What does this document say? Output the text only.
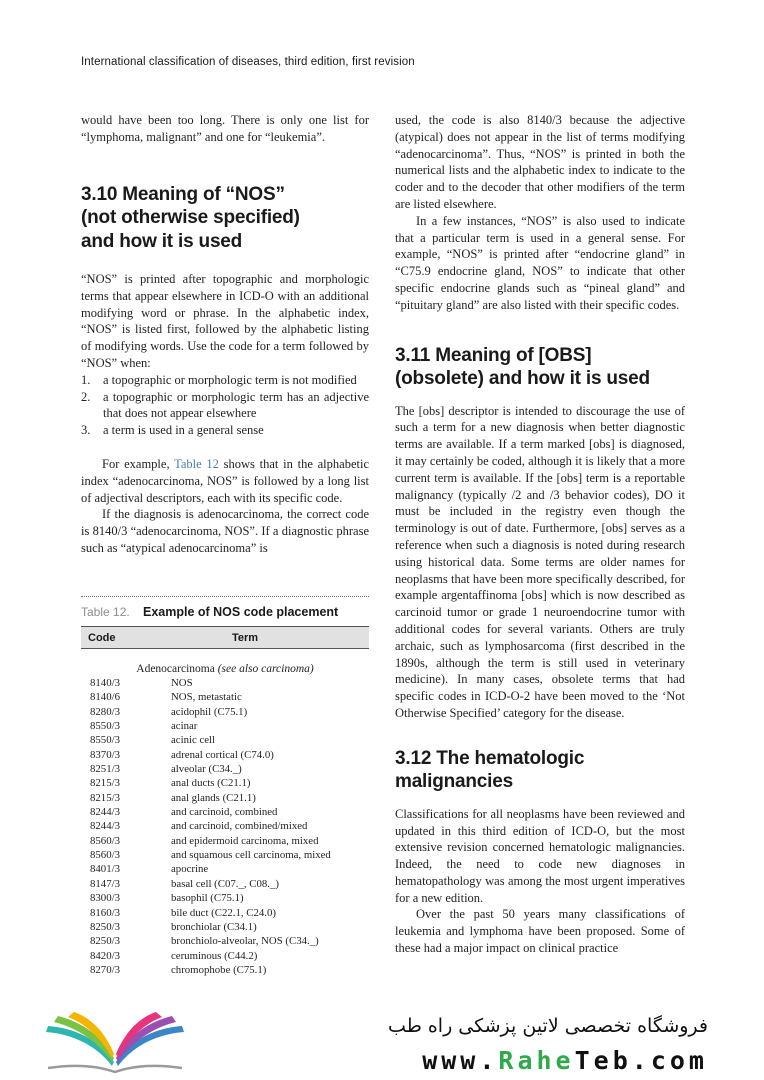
International classification of diseases, third edition, first revision

would have been too long. There is only one list for “lymphoma, malignant” and one for “leukemia”.

3.10 Meaning of “NOS”
(not otherwise specified)
and how it is used

“NOS” is printed after topographic and morphologic terms that appear elsewhere in ICD-O with an additional modifying word or phrase. In the alphabetic index, “NOS” is listed first, followed by the alphabetic listing of modifying words. Use the code for a term followed by “NOS” when:

1.	a topographic or morphologic term is not modified
2.	a topographic or morphologic term has an adjective that does not appear elsewhere
3.	a term is used in a general sense

For example, Table 12 shows that in the alphabetic index “adenocarcinoma, NOS” is followed by a long list of adjectival descriptors, each with its specific code.

If the diagnosis is adenocarcinoma, the correct code is 8140/3 “adenocarcinoma, NOS”. If a diagnostic phrase such as “atypical adenocarcinoma” is

Table 12.	Example of NOS code placement
Code	Term
Adenocarcinoma (see also carcinoma)
8140/3	NOS
8140/6	NOS, metastatic
8280/3	acidophil (C75.1)
8550/3	acinar
8550/3	acinic cell
8370/3	adrenal cortical (C74.0)
8251/3	alveolar (C34._)
8215/3	anal ducts (C21.1)
8215/3	anal glands (C21.1)
8244/3	and carcinoid, combined
8244/3	and carcinoid, combined/mixed
8560/3	and epidermoid carcinoma, mixed
8560/3	and squamous cell carcinoma, mixed
8401/3	apocrine
8147/3	basal cell (C07._, C08._)
8300/3	basophil (C75.1)
8160/3	bile duct (C22.1, C24.0)
8250/3	bronchiolar (C34.1)
8250/3	bronchiolo-alveolar, NOS (C34._)
8420/3	ceruminous (C44.2)
8270/3	chromophobe (C75.1)

used, the code is also 8140/3 because the adjective (atypical) does not appear in the list of terms modifying “adenocarcinoma”. Thus, “NOS” is printed in both the numerical lists and the alphabetic index to indicate to the coder and to the decoder that other modifiers of the term are listed elsewhere.

In a few instances, “NOS” is also used to indicate that a particular term is used in a general sense. For example, “NOS” is printed after “endocrine gland” in “C75.9 endocrine gland, NOS” to indicate that other specific endocrine glands such as “pineal gland” and “pituitary gland” are also listed with their specific codes.

3.11 Meaning of [OBS]
(obsolete) and how it is used

The [obs] descriptor is intended to discourage the use of such a term for a new diagnosis when better diagnostic terms are available. If a term marked [obs] is diagnosed, it may certainly be coded, although it is likely that a more current term is available. If the [obs] term is a reportable malignancy (typically /2 and /3 behavior codes), DO it must be included in the registry even though the terminology is out of date. Furthermore, [obs] serves as a reference when such a diagnosis is noted during research using historical data. Some terms are older names for neoplasms that have been more specifically described, for example argentaffinoma [obs] which is now described as carcinoid tumor or grade 1 neuroendocrine tumor with additional codes for several variants. Others are truly archaic, such as lymphosarcoma (first described in the 1890s, although the term is still used in veterinary medicine). In many cases, obsolete terms that had specific codes in ICD-O-2 have been moved to the ‘Not Otherwise Specified’ category for the disease.

3.12 The hematologic
malignancies

Classifications for all neoplasms have been reviewed and updated in this third edition of ICD-O, but the most extensive revision concerned hematologic malignancies. Indeed, the need to code new diagnoses in hematopathology was among the most urgent imperatives for a new edition.

Over the past 50 years many classifications of leukemia and lymphoma have been proposed. Some of these had a major impact on clinical practice

فروشگاه تخصصی لاتین پزشکی راه طب
www.RaheTeb.com
